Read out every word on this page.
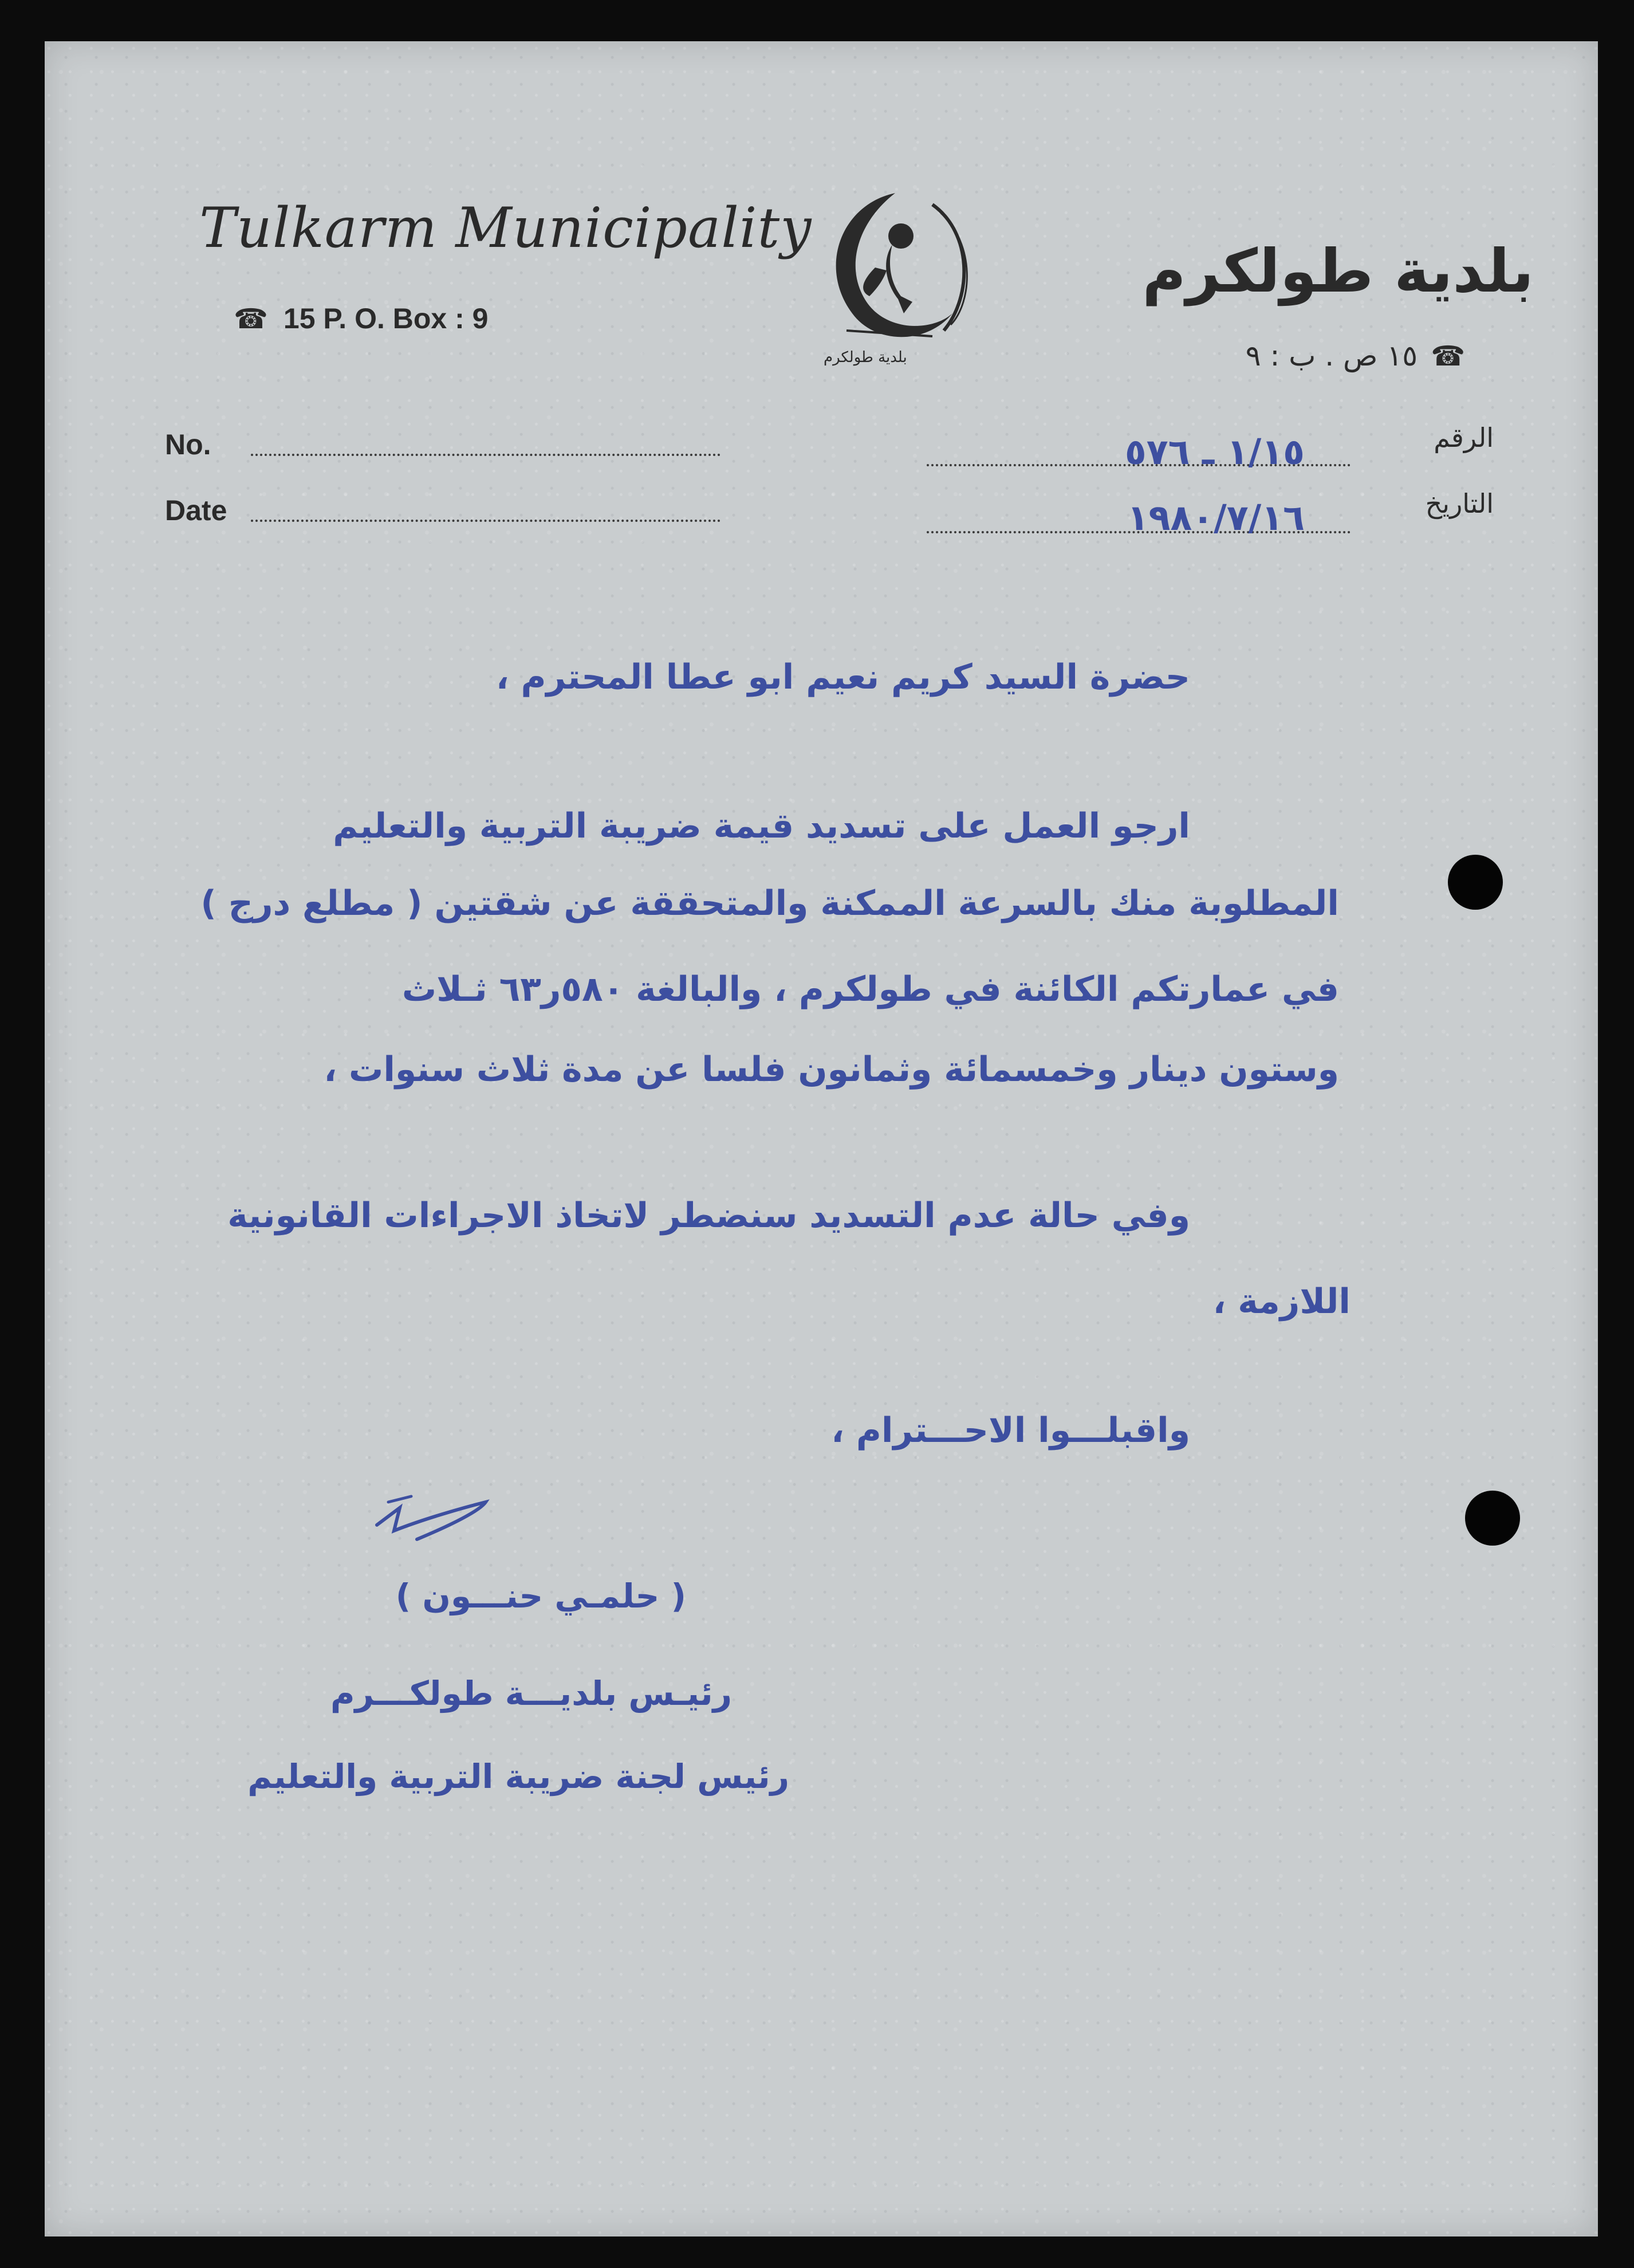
Tulkarm Municipality
☎ 15 P. O. Box : 9
بلدية طولكرم
بلدية طولكرم
☎ ١٥ ص . ب : ٩
No.
Date
الرقم
١/١٥ ـ ٥٧٦
التاريخ
١٩٨٠/٧/١٦
حضرة السيد كريم نعيم ابو عطا المحترم ،
ارجو العمل على تسديد قيمة ضريبة التربية والتعليم
المطلوبة منك بالسرعة الممكنة والمتحققة عن شقتين ( مطلع درج )
في عمارتكم الكائنة في طولكرم ، والبالغة ٥٨٠ر٦٣ ثـلاث
وستون دينار وخمسمائة وثمانون فلسا عن مدة ثلاث سنوات ،
وفي حالة عدم التسديد سنضطر لاتخاذ الاجراءات القانونية
اللازمة ،
واقبلـــوا الاحـــترام ،
( حلمـي حنـــون )
رئيـس بلديـــة طولكـــرم
رئيس لجنة ضريبة التربية والتعليم
